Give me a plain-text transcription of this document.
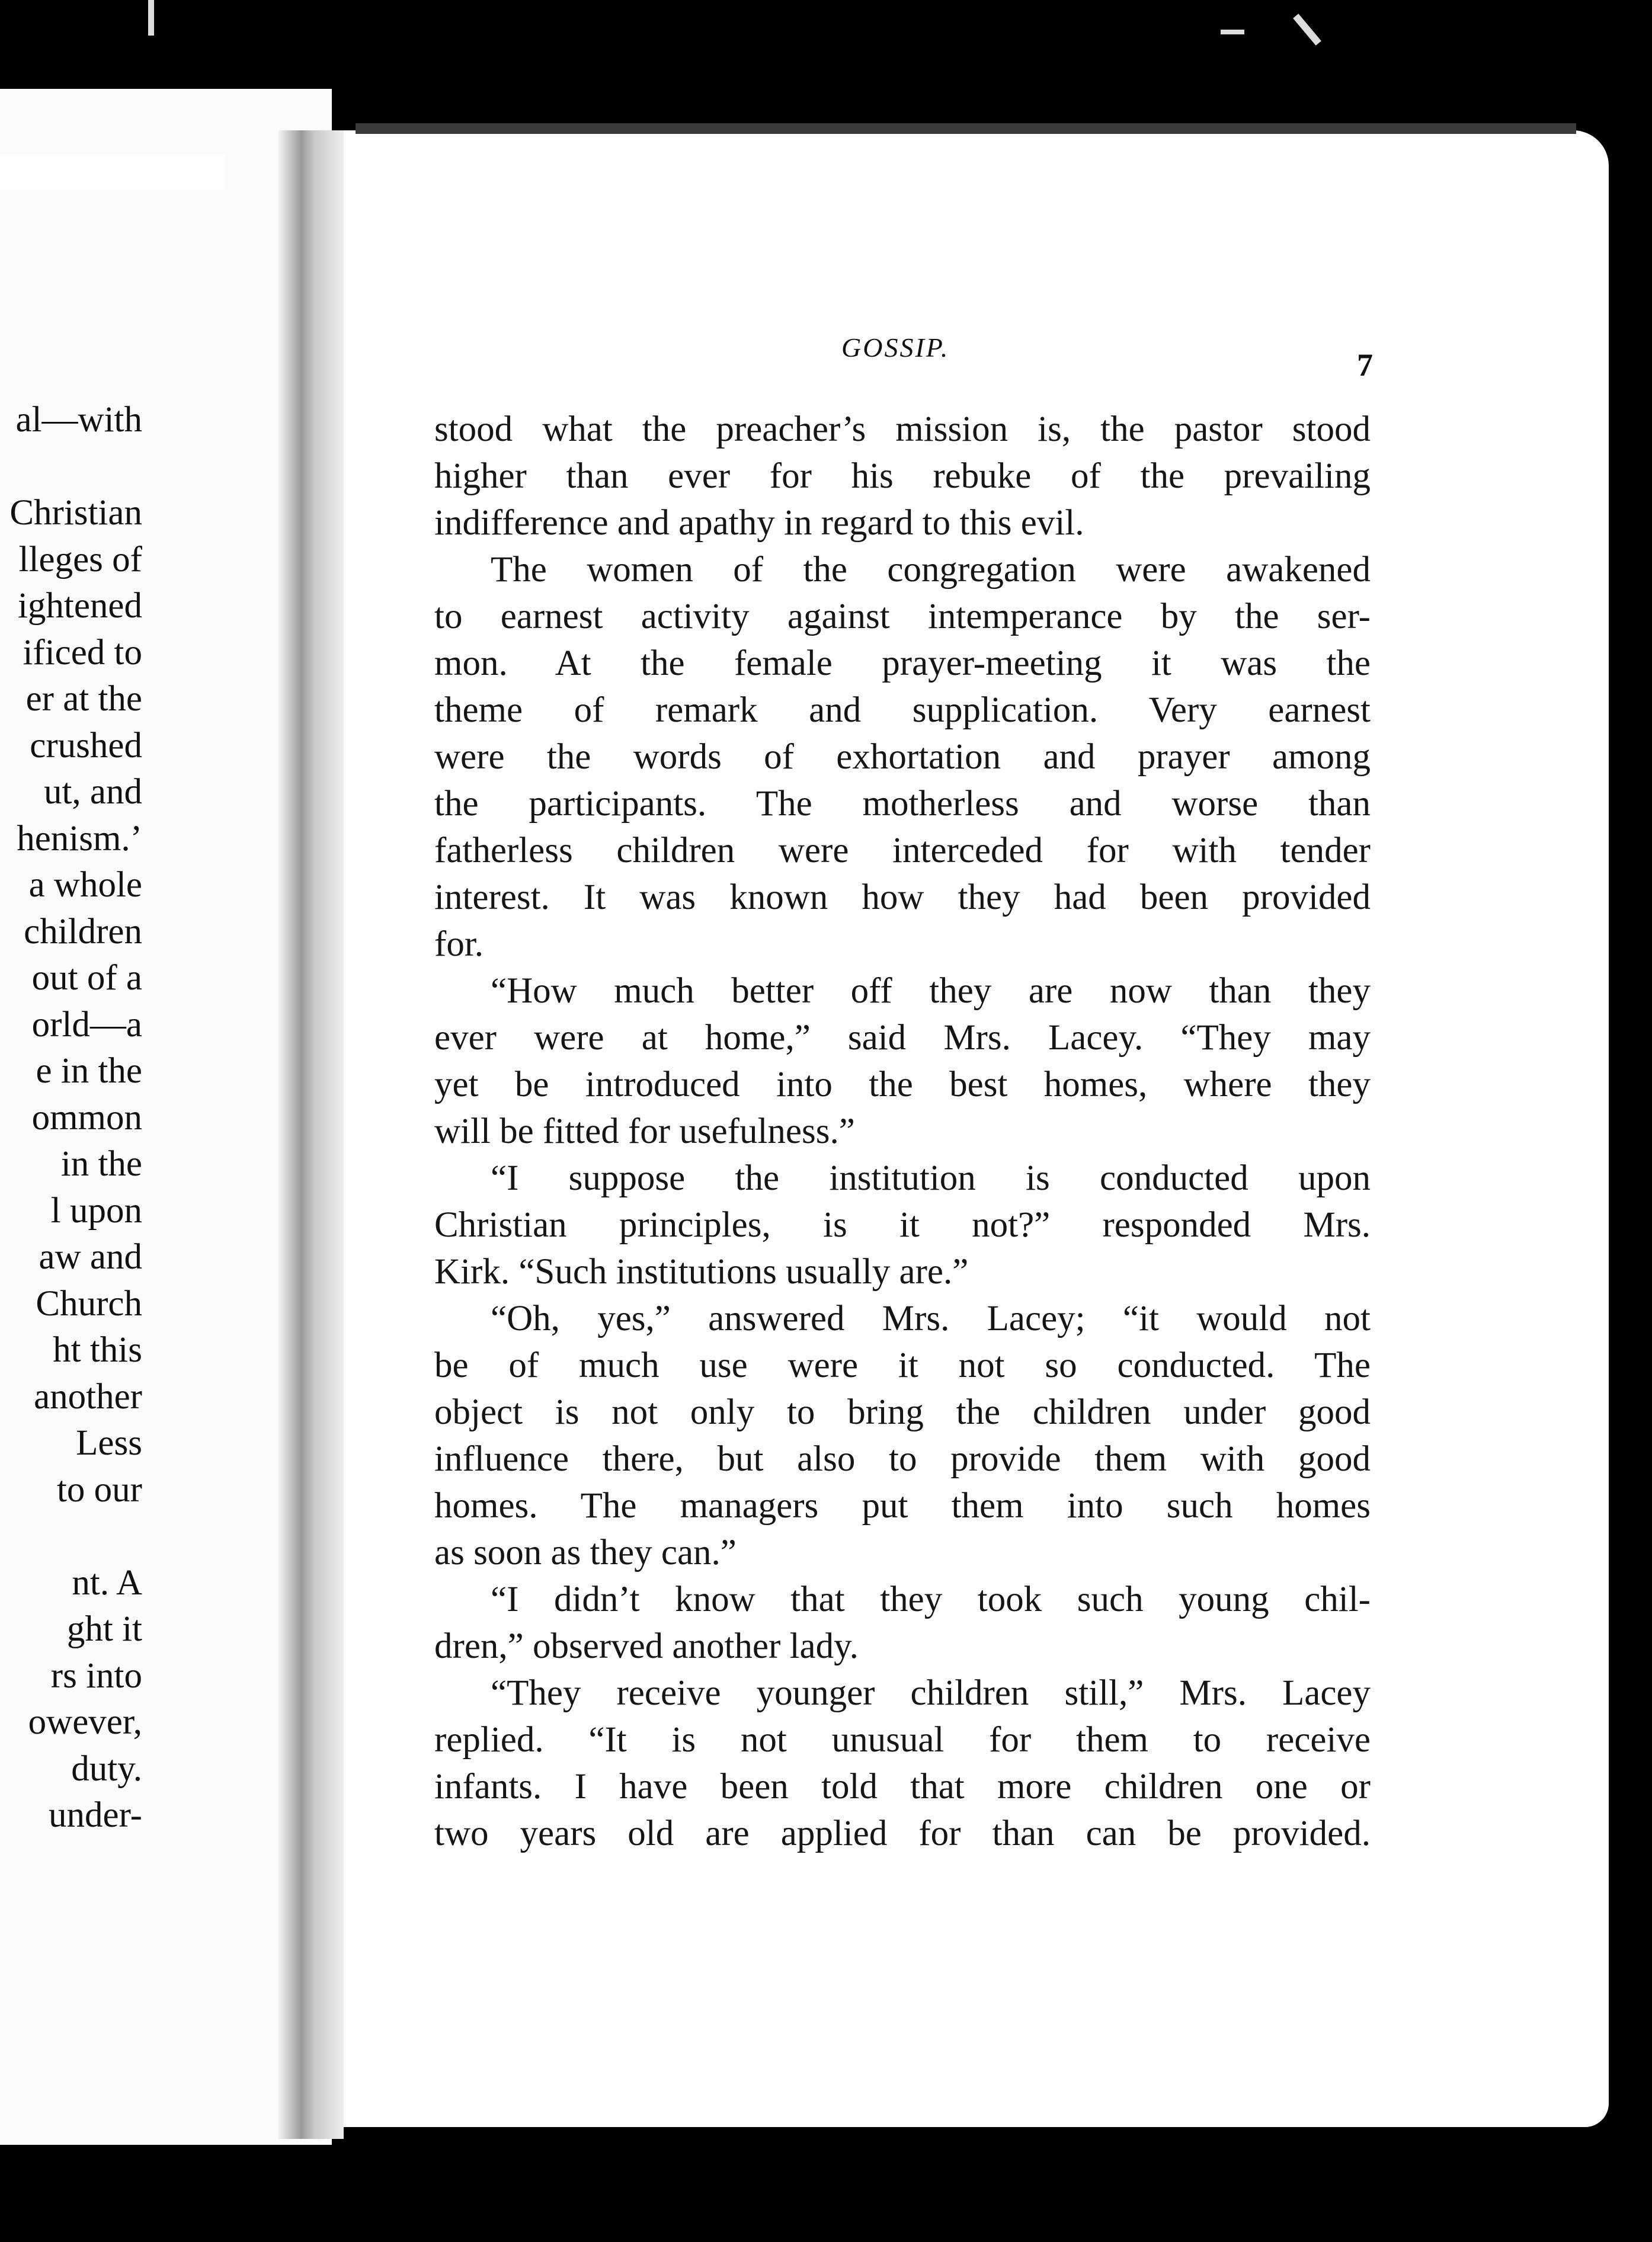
al—with
Christian
lleges of
ightened
ificed to
er at the
crushed
ut, and
henism.’
a whole
children
out of a
orld—a
e in the
ommon
in the
l upon
aw and
Church
ht this
another
Less
to our
nt. A
ght it
rs into
owever,
duty.
under-
GOSSIP.	7
stood what the preacher’s mission is, the pastor stood
higher than ever for his rebuke of the prevailing
indifference and apathy in regard to this evil.
The women of the congregation were awakened
to earnest activity against intemperance by the ser-
mon. At the female prayer-meeting it was the
theme of remark and supplication. Very earnest
were the words of exhortation and prayer among
the participants. The motherless and worse than
fatherless children were interceded for with tender
interest. It was known how they had been provided
for.
“How much better off they are now than they
ever were at home,” said Mrs. Lacey. “They may
yet be introduced into the best homes, where they
will be fitted for usefulness.”
“I suppose the institution is conducted upon
Christian principles, is it not?” responded Mrs.
Kirk. “Such institutions usually are.”
“Oh, yes,” answered Mrs. Lacey; “it would not
be of much use were it not so conducted. The
object is not only to bring the children under good
influence there, but also to provide them with good
homes. The managers put them into such homes
as soon as they can.”
“I didn’t know that they took such young chil-
dren,” observed another lady.
“They receive younger children still,” Mrs. Lacey
replied. “It is not unusual for them to receive
infants. I have been told that more children one or
two years old are applied for than can be provided.
